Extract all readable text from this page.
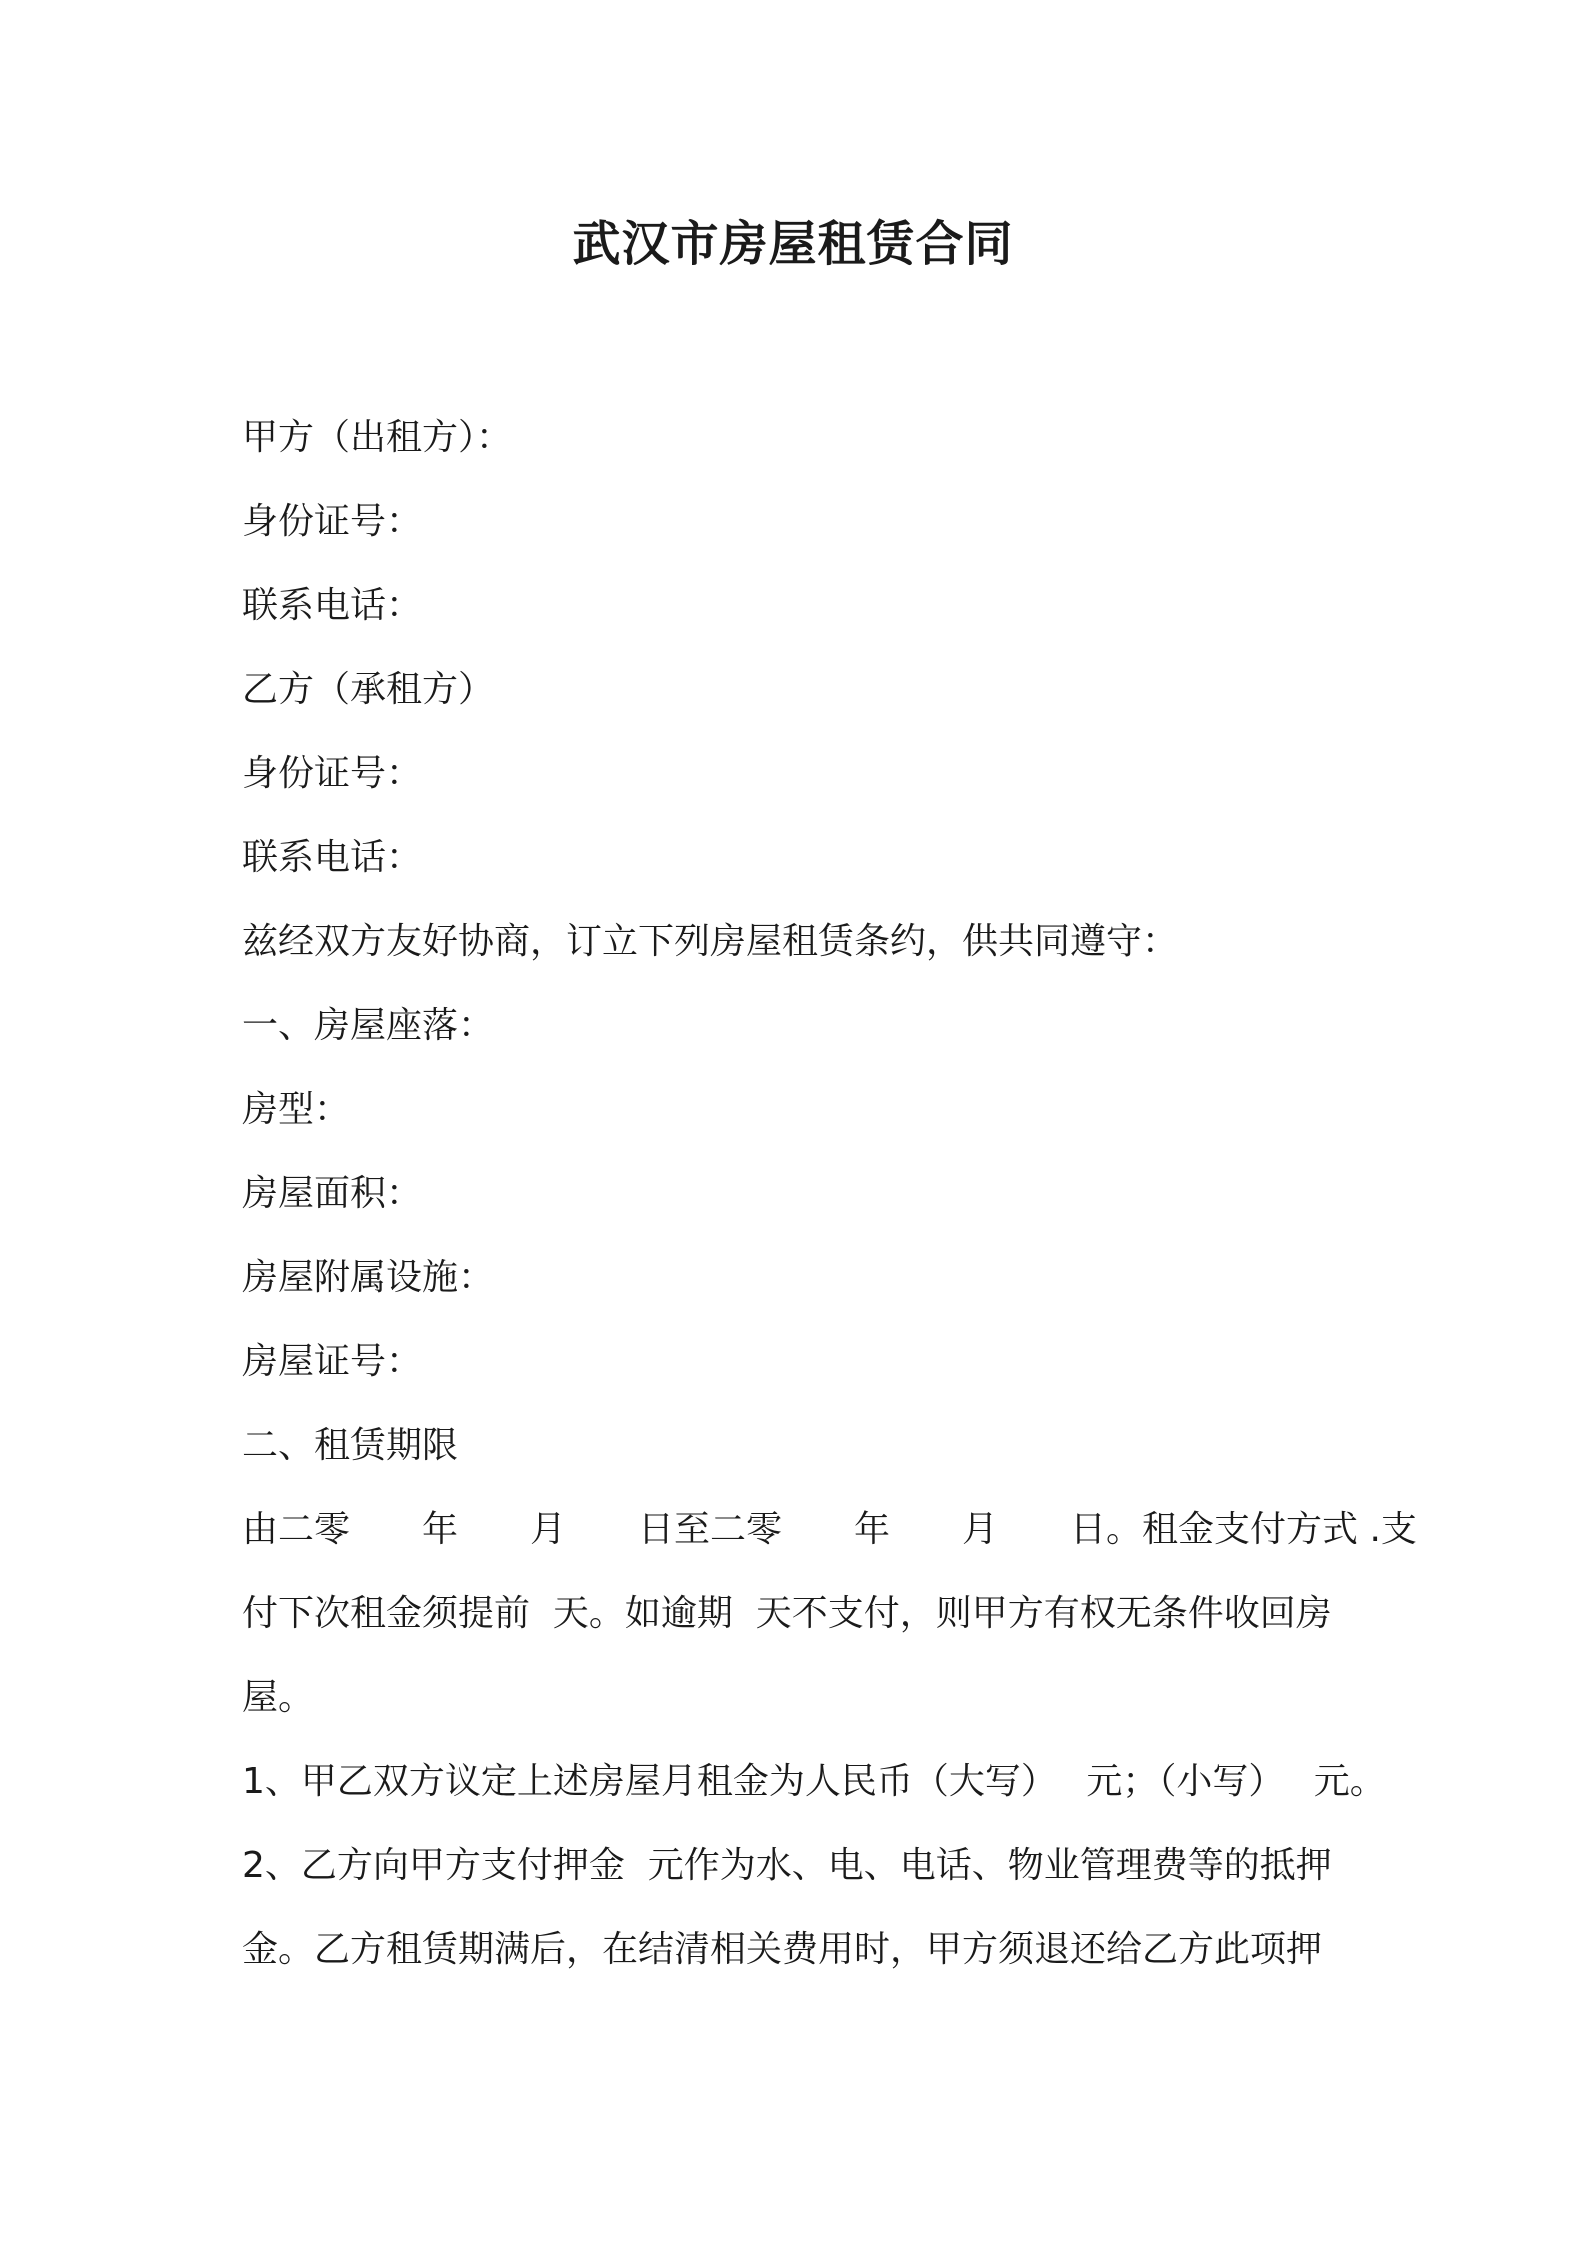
武汉市房屋租赁合同
甲方（出租方）：
身份证号：
联系电话：
乙方（承租方）
身份证号：
联系电话：
兹经双方友好协商，订立下列房屋租赁条约，供共同遵守：
一、房屋座落：
房型：
房屋面积：
房屋附属设施：
房屋证号：
二、租赁期限
由二零　　年　　月　　日至二零　　年　　月　　日。租金支付方式 .支
付下次租金须提前  天。如逾期  天不支付，则甲方有权无条件收回房
屋。
1、甲乙双方议定上述房屋月租金为人民币（大写）　 元；（小写）　 元。
2、乙方向甲方支付押金  元作为水、电、电话、物业管理费等的抵押
金。乙方租赁期满后，在结清相关费用时，甲方须退还给乙方此项押
